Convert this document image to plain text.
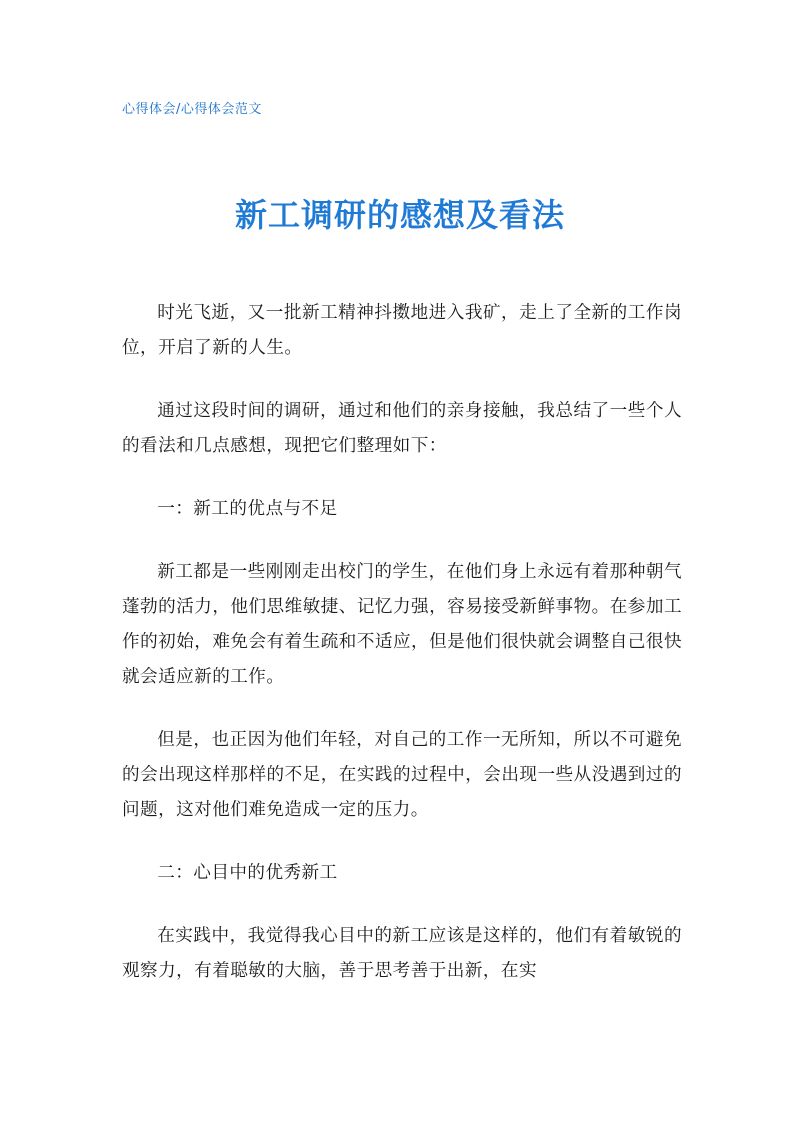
心得体会/心得体会范文
新工调研的感想及看法

时光飞逝，又一批新工精神抖擞地进入我矿，走上了全新的工作岗位，开启了新的人生。

通过这段时间的调研，通过和他们的亲身接触，我总结了一些个人的看法和几点感想，现把它们整理如下：

一：新工的优点与不足

新工都是一些刚刚走出校门的学生，在他们身上永远有着那种朝气蓬勃的活力，他们思维敏捷、记忆力强，容易接受新鲜事物。在参加工作的初始，难免会有着生疏和不适应，但是他们很快就会调整自己很快就会适应新的工作。

但是，也正因为他们年轻，对自己的工作一无所知，所以不可避免的会出现这样那样的不足，在实践的过程中，会出现一些从没遇到过的问题，这对他们难免造成一定的压力。

二：心目中的优秀新工

在实践中，我觉得我心目中的新工应该是这样的，他们有着敏锐的观察力，有着聪敏的大脑，善于思考善于出新，在实
